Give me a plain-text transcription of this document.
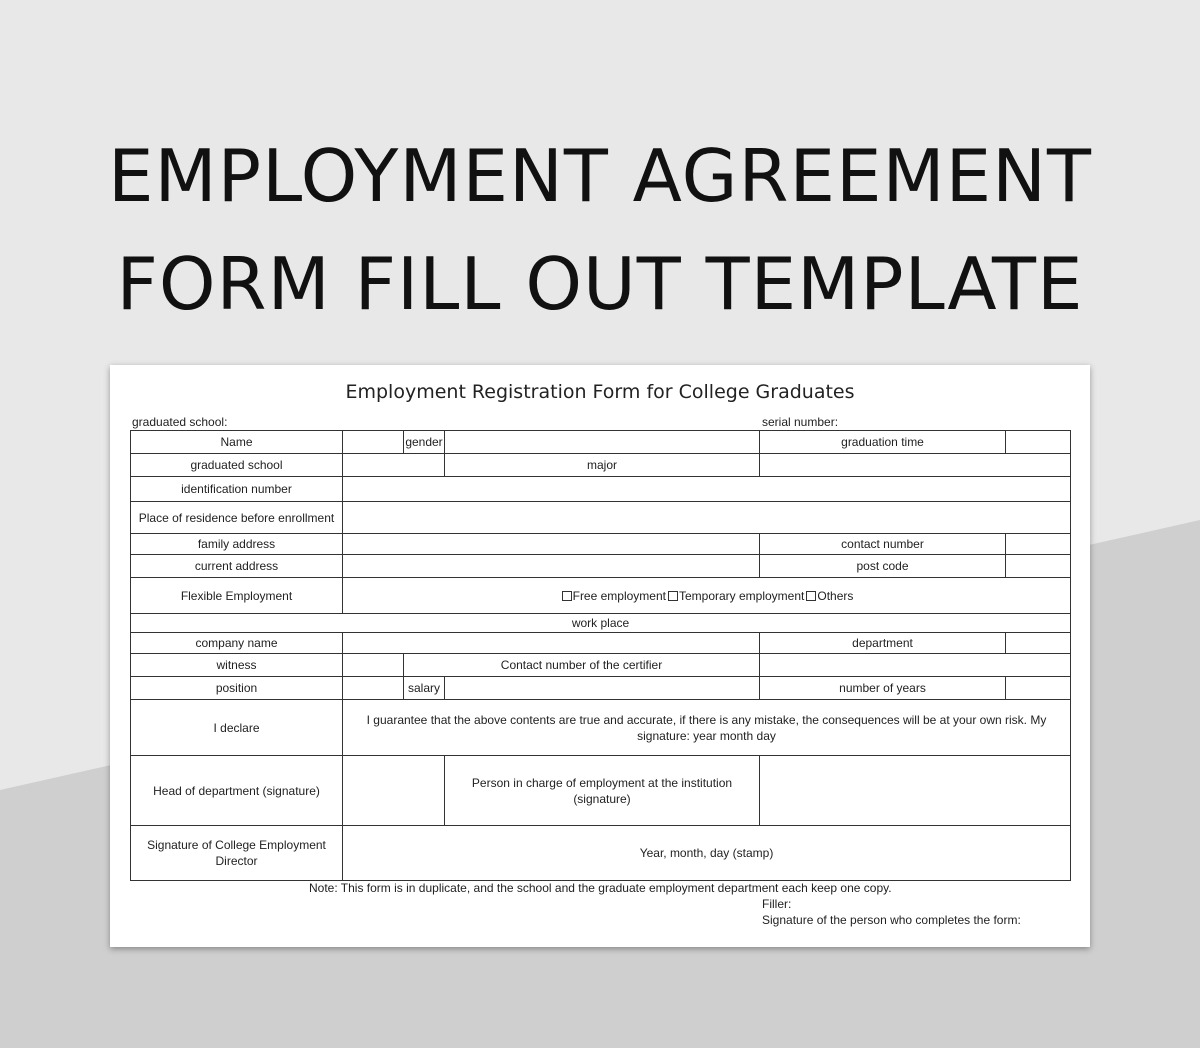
EMPLOYMENT AGREEMENT
FORM FILL OUT TEMPLATE
Employment Registration Form for College Graduates
graduated school:	serial number:
Name		gender		graduation time	
graduated school			major		
identification number					
Place of residence before enrollment					
family address				contact number	
current address				post code	
Flexible Employment	Free employment Temporary employment Others				
work place					
company name				department	
witness		Contact number of the certifier			
position		salary		number of years	
I declare	I guarantee that the above contents are true and accurate, if there is any mistake, the consequences will be at your own risk. My signature: year month day				
Head of department (signature)			Person in charge of employment at the institution (signature)		
Signature of College Employment Director	Year, month, day (stamp)				
Note: This form is in duplicate, and the school and the graduate employment department each keep one copy.
Filler:
Signature of the person who completes the form:
